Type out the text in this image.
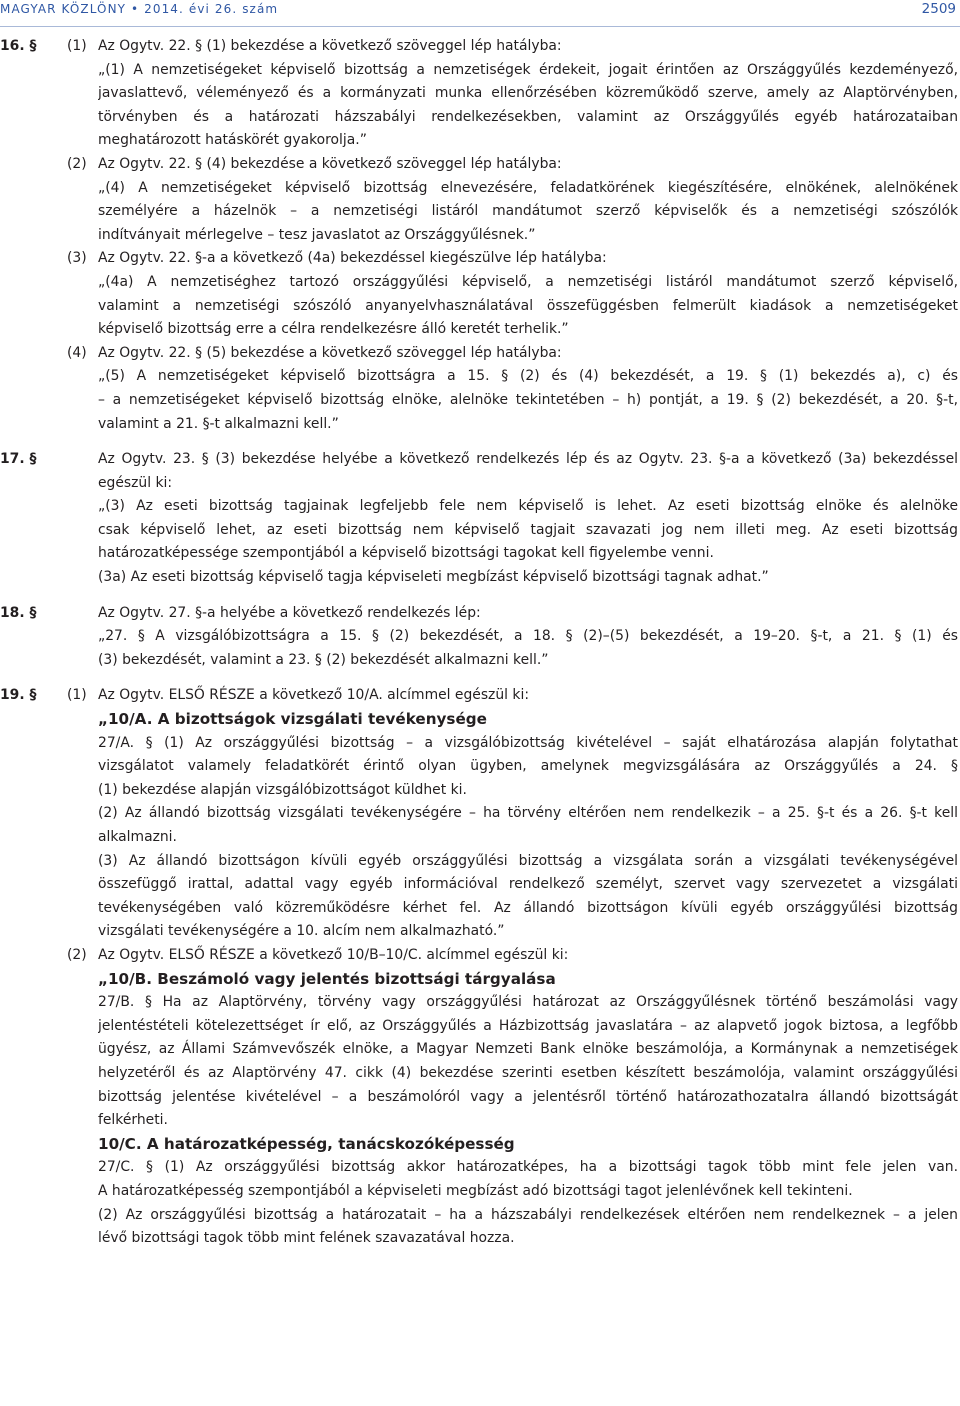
MAGYAR KÖZLÖNY • 2014. évi 26. szám	2509
16. § (1) Az Ogytv. 22. § (1) bekezdése a következő szöveggel lép hatályba:
„(1) A nemzetiségeket képviselő bizottság a nemzetiségek érdekeit, jogait érintően az Országgyűlés kezdeményező,
javaslattevő, véleményező és a kormányzati munka ellenőrzésében közreműködő szerve, amely az Alaptörvényben,
törvényben és a határozati házszabályi rendelkezésekben, valamint az Országgyűlés egyéb határozataiban
meghatározott hatáskörét gyakorolja.”
(2) Az Ogytv. 22. § (4) bekezdése a következő szöveggel lép hatályba:
„(4) A nemzetiségeket képviselő bizottság elnevezésére, feladatkörének kiegészítésére, elnökének, alelnökének
személyére a házelnök – a nemzetiségi listáról mandátumot szerző képviselők és a nemzetiségi szószólók
indítványait mérlegelve – tesz javaslatot az Országgyűlésnek.”
(3) Az Ogytv. 22. §-a a következő (4a) bekezdéssel kiegészülve lép hatályba:
„(4a) A nemzetiséghez tartozó országgyűlési képviselő, a nemzetiségi listáról mandátumot szerző képviselő,
valamint a nemzetiségi szószóló anyanyelvhasználatával összefüggésben felmerült kiadások a nemzetiségeket
képviselő bizottság erre a célra rendelkezésre álló keretét terhelik.”
(4) Az Ogytv. 22. § (5) bekezdése a következő szöveggel lép hatályba:
„(5) A nemzetiségeket képviselő bizottságra a 15. § (2) és (4) bekezdését, a 19. § (1) bekezdés a), c) és
– a nemzetiségeket képviselő bizottság elnöke, alelnöke tekintetében – h) pontját, a 19. § (2) bekezdését, a 20. §-t,
valamint a 21. §-t alkalmazni kell.”
17. §	Az Ogytv. 23. § (3) bekezdése helyébe a következő rendelkezés lép és az Ogytv. 23. §-a a következő (3a) bekezdéssel
egészül ki:
„(3) Az eseti bizottság tagjainak legfeljebb fele nem képviselő is lehet. Az eseti bizottság elnöke és alelnöke
csak képviselő lehet, az eseti bizottság nem képviselő tagjait szavazati jog nem illeti meg. Az eseti bizottság
határozatképessége szempontjából a képviselő bizottsági tagokat kell figyelembe venni.
(3a) Az eseti bizottság képviselő tagja képviseleti megbízást képviselő bizottsági tagnak adhat.”
18. §	Az Ogytv. 27. §-a helyébe a következő rendelkezés lép:
„27. § A vizsgálóbizottságra a 15. § (2) bekezdését, a 18. § (2)–(5) bekezdését, a 19–20. §-t, a 21. § (1) és
(3) bekezdését, valamint a 23. § (2) bekezdését alkalmazni kell.”
19. § (1) Az Ogytv. ELSŐ RÉSZE a következő 10/A. alcímmel egészül ki:
„10/A. A bizottságok vizsgálati tevékenysége
27/A. § (1) Az országgyűlési bizottság – a vizsgálóbizottság kivételével – saját elhatározása alapján folytathat
vizsgálatot valamely feladatkörét érintő olyan ügyben, amelynek megvizsgálására az Országgyűlés a 24. §
(1) bekezdése alapján vizsgálóbizottságot küldhet ki.
(2) Az állandó bizottság vizsgálati tevékenységére – ha törvény eltérően nem rendelkezik – a 25. §-t és a 26. §-t kell
alkalmazni.
(3) Az állandó bizottságon kívüli egyéb országgyűlési bizottság a vizsgálata során a vizsgálati tevékenységével
összefüggő irattal, adattal vagy egyéb információval rendelkező személyt, szervet vagy szervezetet a vizsgálati
tevékenységében való közreműködésre kérhet fel. Az állandó bizottságon kívüli egyéb országgyűlési bizottság
vizsgálati tevékenységére a 10. alcím nem alkalmazható.”
(2) Az Ogytv. ELSŐ RÉSZE a következő 10/B–10/C. alcímmel egészül ki:
„10/B. Beszámoló vagy jelentés bizottsági tárgyalása
27/B. § Ha az Alaptörvény, törvény vagy országgyűlési határozat az Országgyűlésnek történő beszámolási vagy
jelentéstételi kötelezettséget ír elő, az Országgyűlés a Házbizottság javaslatára – az alapvető jogok biztosa, a legfőbb
ügyész, az Állami Számvevőszék elnöke, a Magyar Nemzeti Bank elnöke beszámolója, a Kormánynak a nemzetiségek
helyzetéről és az Alaptörvény 47. cikk (4) bekezdése szerinti esetben készített beszámolója, valamint országgyűlési
bizottság jelentése kivételével – a beszámolóról vagy a jelentésről történő határozathozatalra állandó bizottságát
felkérheti.
10/C. A határozatképesség, tanácskozóképesség
27/C. § (1) Az országgyűlési bizottság akkor határozatképes, ha a bizottsági tagok több mint fele jelen van.
A határozatképesség szempontjából a képviseleti megbízást adó bizottsági tagot jelenlévőnek kell tekinteni.
(2) Az országgyűlési bizottság a határozatait – ha a házszabályi rendelkezések eltérően nem rendelkeznek – a jelen
lévő bizottsági tagok több mint felének szavazatával hozza.
